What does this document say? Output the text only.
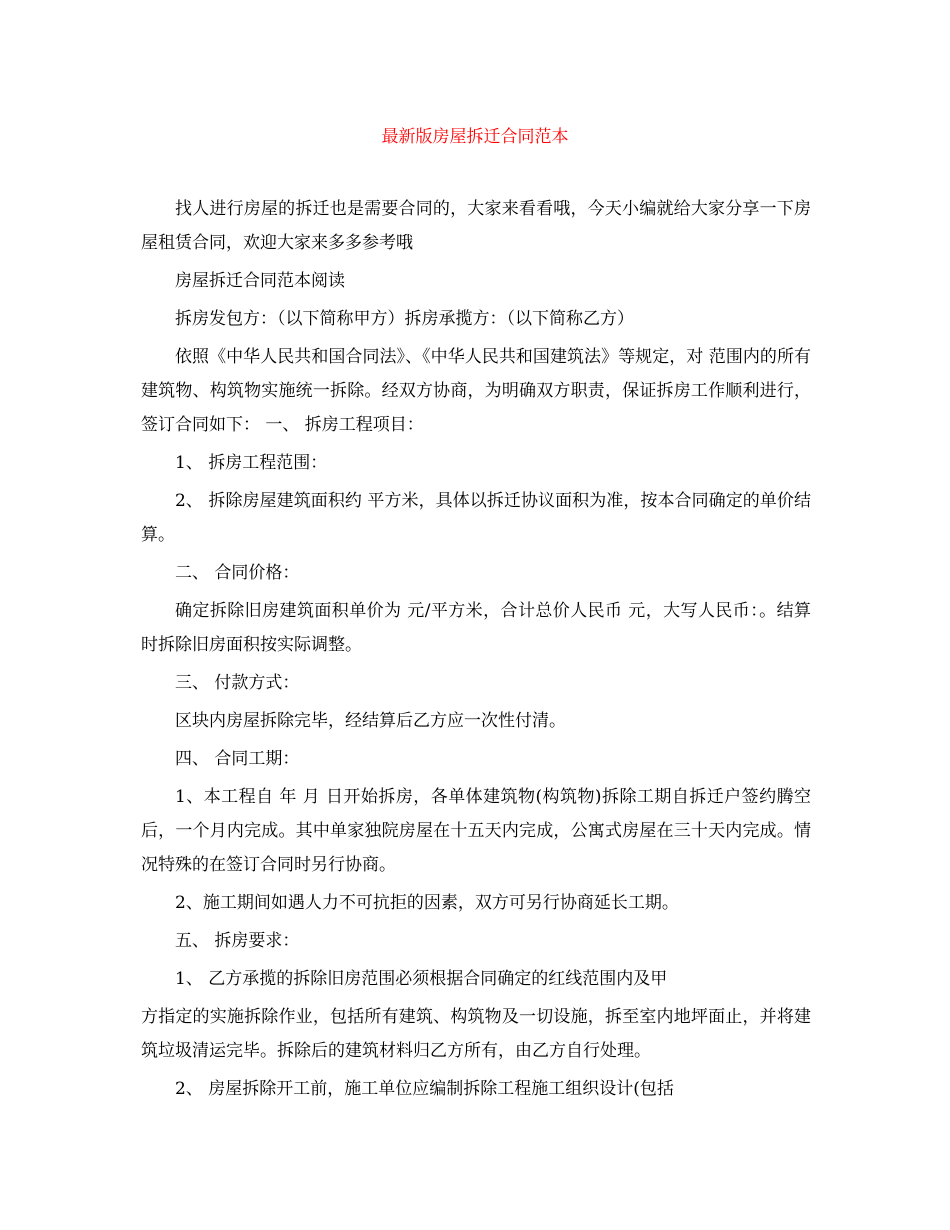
最新版房屋拆迁合同范本

找人进行房屋的拆迁也是需要合同的，大家来看看哦，今天小编就给大家分享一下房屋租赁合同，欢迎大家来多多参考哦

房屋拆迁合同范本阅读

拆房发包方：（以下简称甲方）拆房承揽方：（以下简称乙方）

依照《中华人民共和国合同法》、《中华人民共和国建筑法》等规定，对 范围内的所有建筑物、构筑物实施统一拆除。经双方协商，为明确双方职责，保证拆房工作顺利进行，签订合同如下： 一、 拆房工程项目：

1、 拆房工程范围：

2、 拆除房屋建筑面积约 平方米，具体以拆迁协议面积为准，按本合同确定的单价结算。

二、 合同价格：

确定拆除旧房建筑面积单价为 元/平方米，合计总价人民币 元，大写人民币：。结算时拆除旧房面积按实际调整。

三、 付款方式：

区块内房屋拆除完毕，经结算后乙方应一次性付清。

四、 合同工期：

1、本工程自 年 月 日开始拆房，各单体建筑物(构筑物)拆除工期自拆迁户签约腾空后，一个月内完成。其中单家独院房屋在十五天内完成，公寓式房屋在三十天内完成。情况特殊的在签订合同时另行协商。

2、施工期间如遇人力不可抗拒的因素，双方可另行协商延长工期。

五、 拆房要求：

1、 乙方承揽的拆除旧房范围必须根据合同确定的红线范围内及甲

方指定的实施拆除作业，包括所有建筑、构筑物及一切设施，拆至室内地坪面止，并将建筑垃圾清运完毕。拆除后的建筑材料归乙方所有，由乙方自行处理。

2、 房屋拆除开工前，施工单位应编制拆除工程施工组织设计(包括
